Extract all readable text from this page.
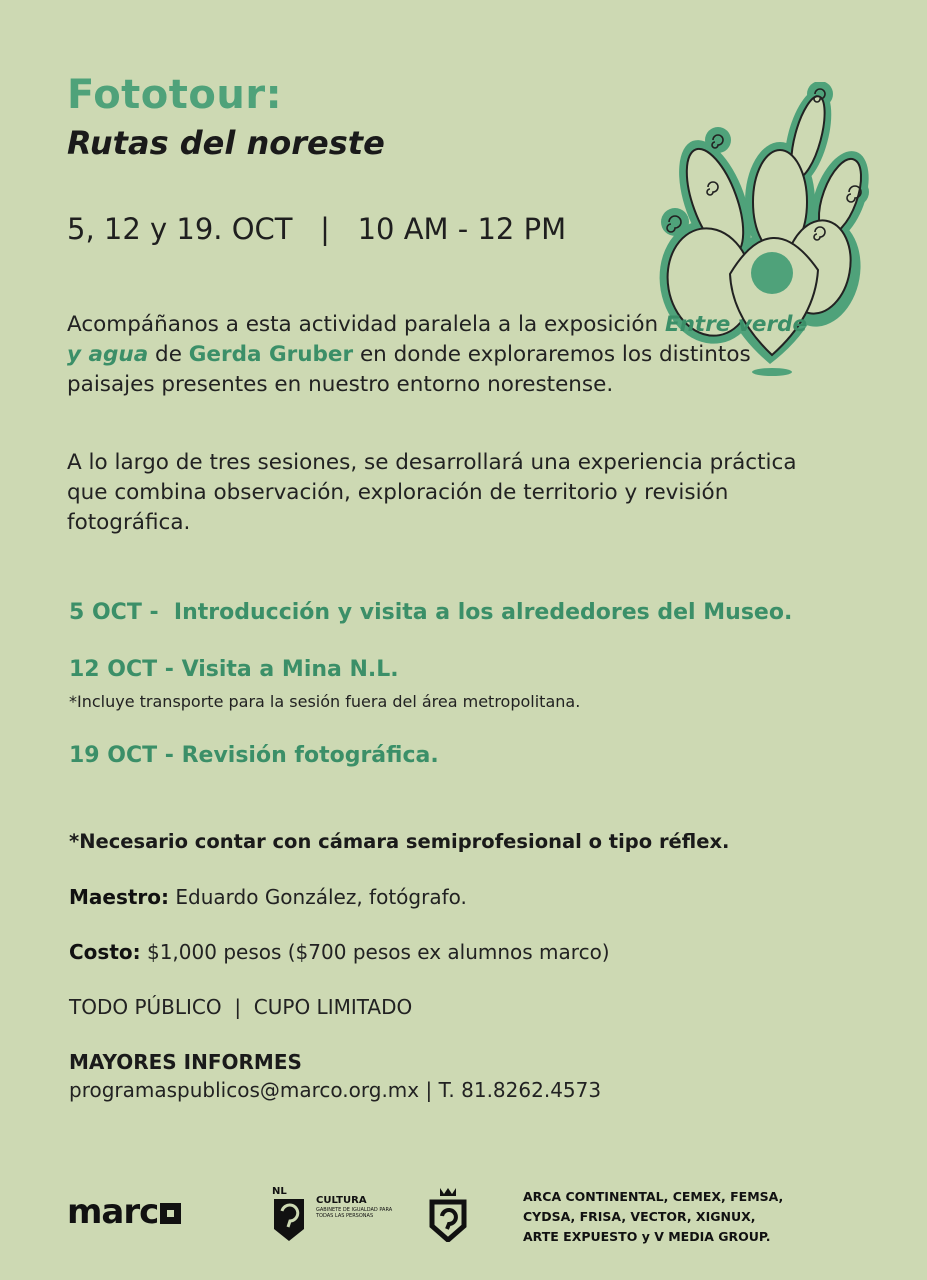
Fototour:
Rutas del noreste
5, 12 y 19. OCT   |   10 AM - 12 PM
Acompáñanos a esta actividad paralela a la exposición Entre verde y agua de Gerda Gruber en donde exploraremos los distintos paisajes presentes en nuestro entorno norestense.
A lo largo de tres sesiones, se desarrollará una experiencia práctica que combina observación, exploración de territorio y revisión fotográfica.
5 OCT -  Introducción y visita a los alrededores del Museo.
12 OCT - Visita a Mina N.L.
*Incluye transporte para la sesión fuera del área metropolitana.
19 OCT - Revisión fotográfica.
*Necesario contar con cámara semiprofesional o tipo réflex.
Maestro: Eduardo González, fotógrafo.
Costo: $1,000 pesos ($700 pesos ex alumnos marco)
TODO PÚBLICO  |  CUPO LIMITADO
MAYORES INFORMES
programaspublicos@marco.org.mx | T. 81.8262.4573
marc
NL
CULTURA
GABINETE DE IGUALDAD PARA TODAS LAS PERSONAS
ARCA CONTINENTAL, CEMEX, FEMSA,
CYDSA, FRISA, VECTOR, XIGNUX,
ARTE EXPUESTO y V MEDIA GROUP.
